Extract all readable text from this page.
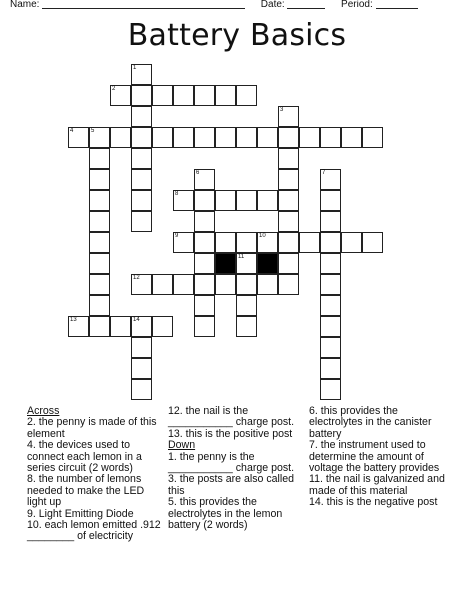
Name:	Date:	Period:
Battery Basics
1
2
3
4	5
6	7
8
9	10
11
12
13	14
Across

2. the penny is made of this element

4. the devices used to connect each lemon in a series circuit (2 words)

8. the number of lemons needed to make the LED light up

9. Light Emitting Diode

10. each lemon emitted .912 ________ of electricity

12. the nail is the ___________ charge post.

13. this is the positive post

Down

1. the penny is the ___________ charge post.

3. the posts are also called this

5. this provides the electrolytes in the lemon battery (2 words)

6. this provides the electrolytes in the canister battery

7. the instrument used to determine the amount of voltage the battery provides

11. the nail is galvanized and made of this material

14. this is the negative post
